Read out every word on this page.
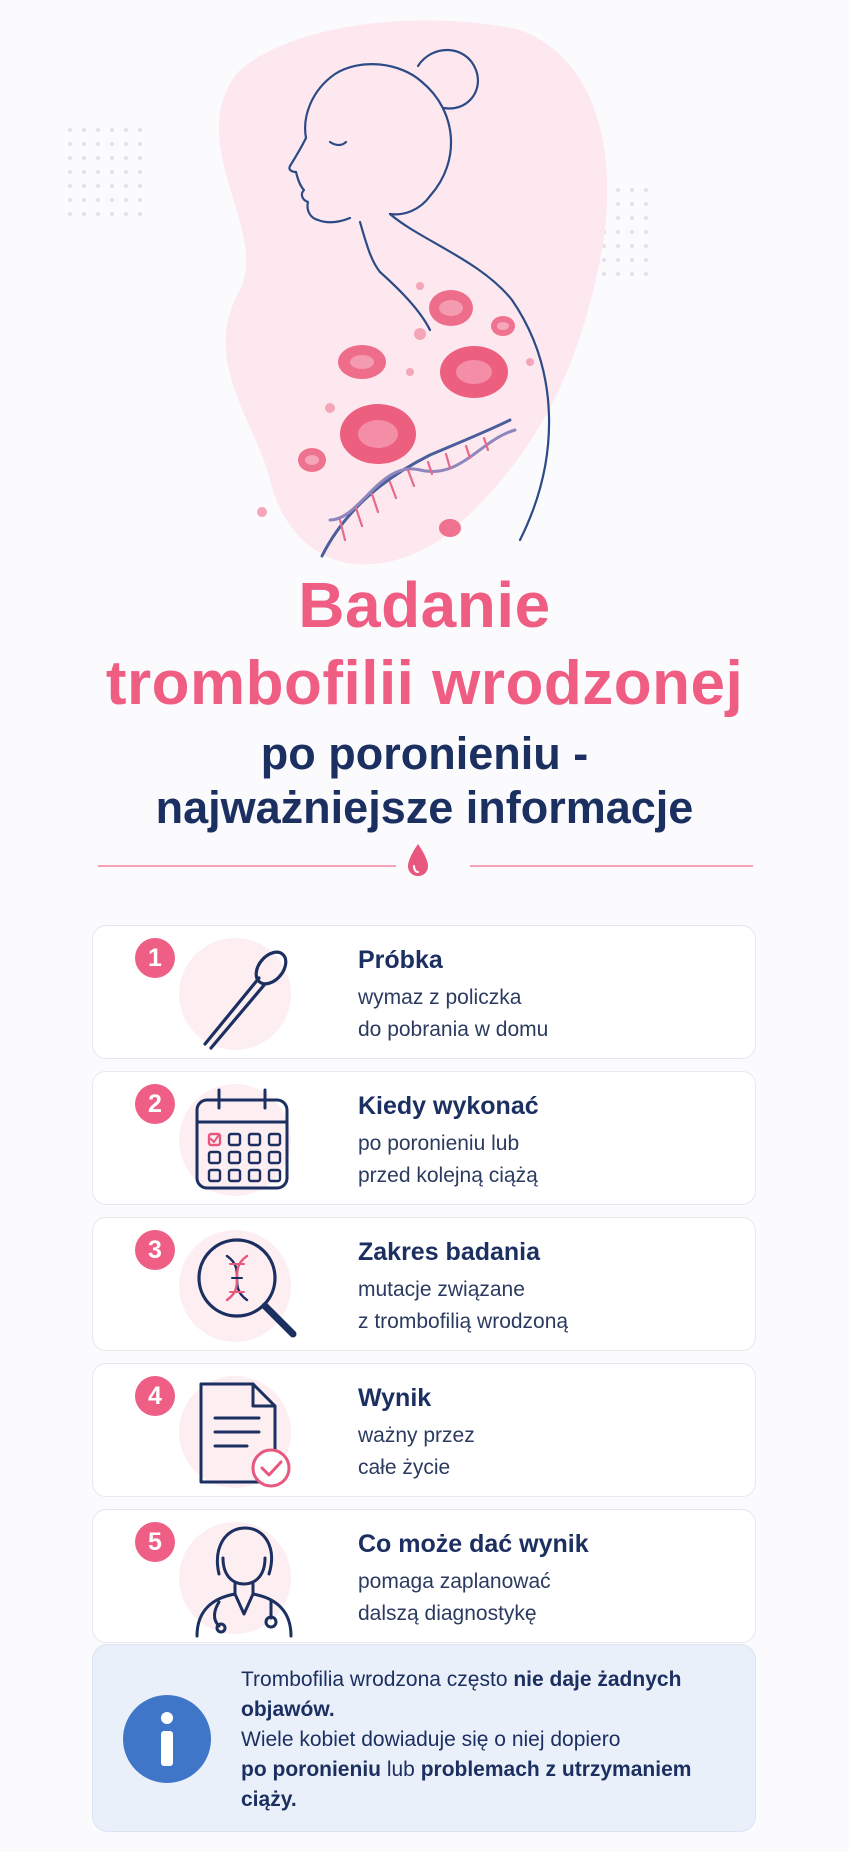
Badanie
trombofilii wrodzonej
po poronieniu -
najważniejsze informacje
1	Próbka
wymaz z policzka
do pobrania w domu
2	Kiedy wykonać
po poronieniu lub
przed kolejną ciążą
3	Zakres badania
mutacje związane
z trombofilią wrodzoną
4	Wynik
ważny przez
całe życie
5	Co może dać wynik
pomaga zaplanować
dalszą diagnostykę
Trombofilia wrodzona często nie daje żadnych objawów.
Wiele kobiet dowiaduje się o niej dopiero
po poronieniu lub problemach z utrzymaniem ciąży.
